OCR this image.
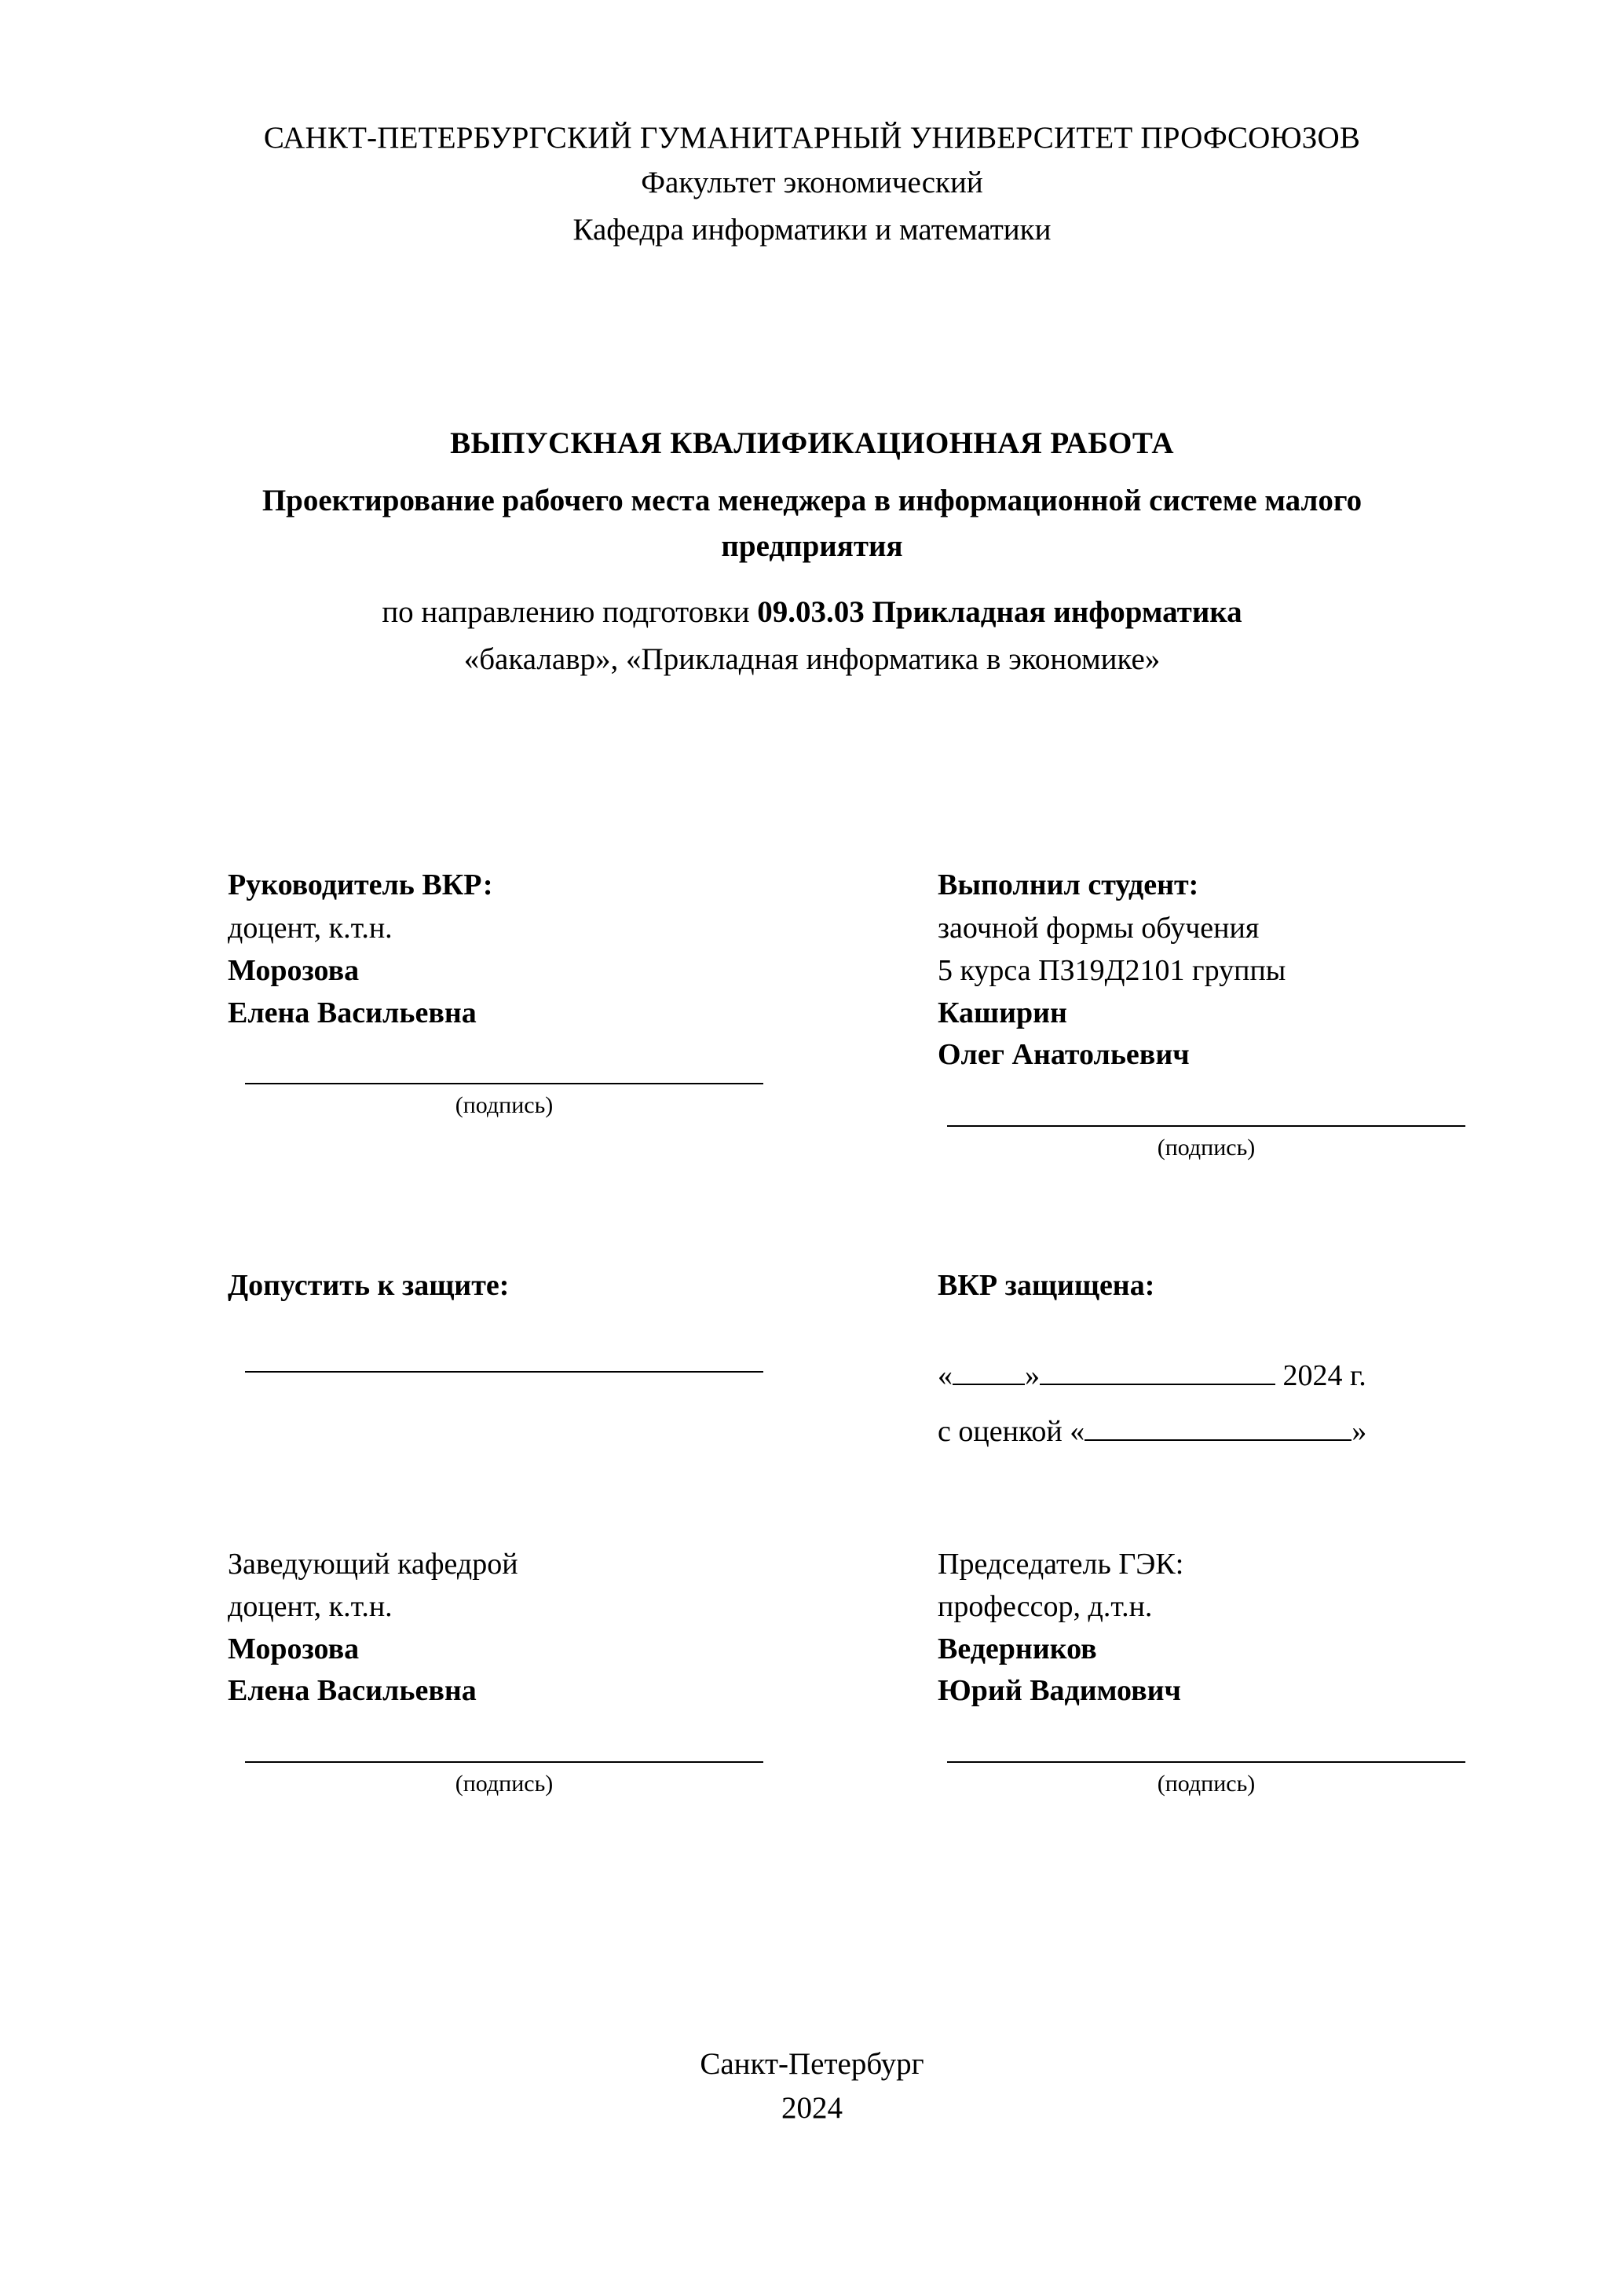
САНКТ-ПЕТЕРБУРГСКИЙ ГУМАНИТАРНЫЙ УНИВЕРСИТЕТ ПРОФСОЮЗОВ
Факультет экономический
Кафедра информатики и математики
ВЫПУСКНАЯ КВАЛИФИКАЦИОННАЯ РАБОТА
Проектирование рабочего места менеджера в информационной системе малого предприятия
по направлению подготовки 09.03.03 Прикладная информатика
«бакалавр», «Прикладная информатика в экономике»
Руководитель ВКР:
доцент, к.т.н.
Морозова
Елена Васильевна
(подпись)
Выполнил студент:
заочной формы обучения
5 курса ПЗ19Д2101 группы
Каширин
Олег Анатольевич
(подпись)
Допустить к защите:	ВКР защищена:
« »	2024 г.
с оценкой «	»
Заведующий кафедрой
доцент, к.т.н.
Морозова
Елена Васильевна
(подпись)
Председатель ГЭК:
профессор, д.т.н.
Ведерников
Юрий Вадимович
(подпись)
Санкт-Петербург
2024
